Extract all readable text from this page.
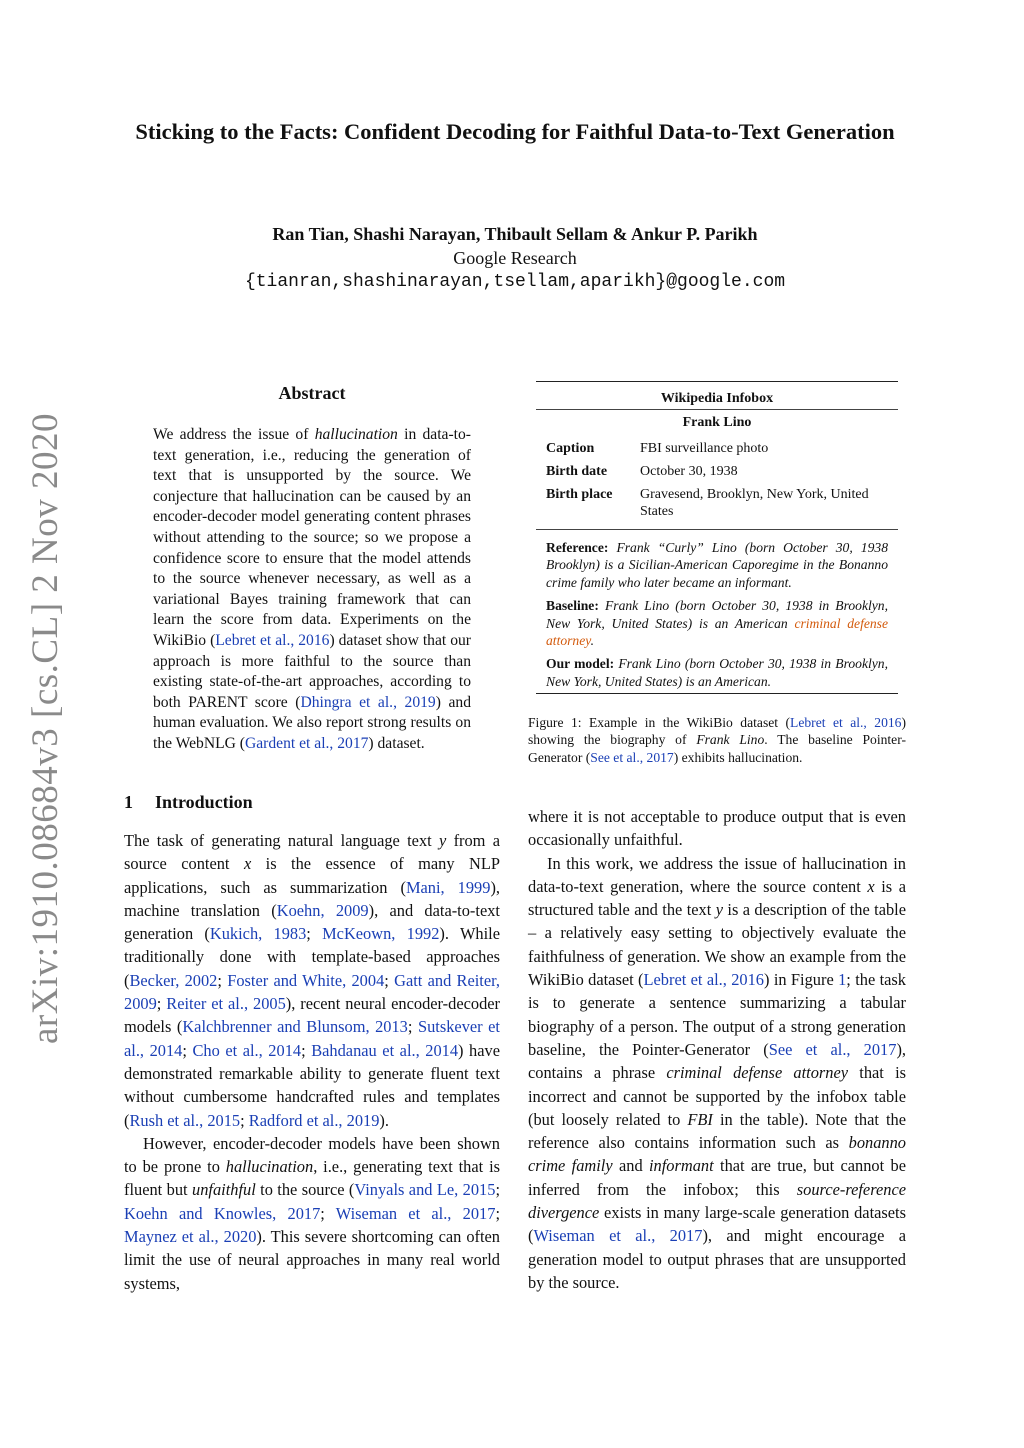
arXiv:1910.08684v3 [cs.CL] 2 Nov 2020
Sticking to the Facts: Confident Decoding for Faithful Data-to-Text Generation
Ran Tian, Shashi Narayan, Thibault Sellam & Ankur P. Parikh
Google Research
{tianran,shashinarayan,tsellam,aparikh}@google.com
Abstract
We address the issue of hallucination in data-to-text generation, i.e., reducing the generation of text that is unsupported by the source. We conjecture that hallucination can be caused by an encoder-decoder model generating content phrases without attending to the source; so we propose a confidence score to ensure that the model attends to the source whenever necessary, as well as a variational Bayes training framework that can learn the score from data. Experiments on the WikiBio (Lebret et al., 2016) dataset show that our approach is more faithful to the source than existing state-of-the-art approaches, according to both PARENT score (Dhingra et al., 2019) and human evaluation. We also report strong results on the WebNLG (Gardent et al., 2017) dataset.
1 Introduction

The task of generating natural language text y from a source content x is the essence of many NLP applications, such as summarization (Mani, 1999), machine translation (Koehn, 2009), and data-to-text generation (Kukich, 1983; McKeown, 1992). While traditionally done with template-based approaches (Becker, 2002; Foster and White, 2004; Gatt and Reiter, 2009; Reiter et al., 2005), recent neural encoder-decoder models (Kalchbrenner and Blunsom, 2013; Sutskever et al., 2014; Cho et al., 2014; Bahdanau et al., 2014) have demonstrated remarkable ability to generate fluent text without cumbersome handcrafted rules and templates (Rush et al., 2015; Radford et al., 2019).

However, encoder-decoder models have been shown to be prone to hallucination, i.e., generating text that is fluent but unfaithful to the source (Vinyals and Le, 2015; Koehn and Knowles, 2017; Wiseman et al., 2017; Maynez et al., 2020). This severe shortcoming can often limit the use of neural approaches in many real world systems,

Wikipedia Infobox
Frank Lino
Caption	FBI surveillance photo
Birth date	October 30, 1938
Birth place	Gravesend, Brooklyn, New York, United States
Reference: Frank “Curly” Lino (born October 30, 1938 Brooklyn) is a Sicilian-American Caporegime in the Bonanno crime family who later became an informant.
Baseline: Frank Lino (born October 30, 1938 in Brooklyn, New York, United States) is an American criminal defense attorney.
Our model: Frank Lino (born October 30, 1938 in Brooklyn, New York, United States) is an American.
Figure 1: Example in the WikiBio dataset (Lebret et al., 2016) showing the biography of Frank Lino. The baseline Pointer-Generator (See et al., 2017) exhibits hallucination.

where it is not acceptable to produce output that is even occasionally unfaithful.

In this work, we address the issue of hallucination in data-to-text generation, where the source content x is a structured table and the text y is a description of the table – a relatively easy setting to objectively evaluate the faithfulness of generation. We show an example from the WikiBio dataset (Lebret et al., 2016) in Figure 1; the task is to generate a sentence summarizing a tabular biography of a person. The output of a strong generation baseline, the Pointer-Generator (See et al., 2017), contains a phrase criminal defense attorney that is incorrect and cannot be supported by the infobox table (but loosely related to FBI in the table). Note that the reference also contains information such as bonanno crime family and informant that are true, but cannot be inferred from the infobox; this source-reference divergence exists in many large-scale generation datasets (Wiseman et al., 2017), and might encourage a generation model to output phrases that are unsupported by the source.
